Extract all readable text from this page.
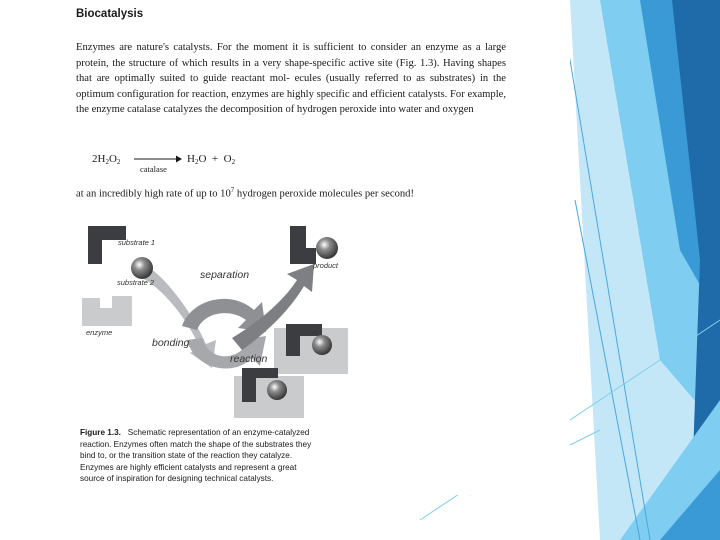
Biocatalysis
Enzymes are nature's catalysts. For the moment it is sufficient to consider an enzyme as a large protein, the structure of which results in a very shape-specific active site (Fig. 1.3). Having shapes that are optimally suited to guide reactant mol- ecules (usually referred to as substrates) in the optimum configuration for reaction, enzymes are highly specific and efficient catalysts. For example, the enzyme catalase catalyzes the decomposition of hydrogen peroxide into water and oxygen
$2H_2O_2$
catalase
$H_2O + O_2$
at an incredibly high rate of up to $10^7$ hydrogen peroxide molecules per second!
substrate 1
substrate 2
enzyme
product
separation
bonding
reaction
Figure 1.3. Schematic representation of an enzyme-catalyzed
reaction. Enzymes often match the shape of the substrates they
bind to, or the transition state of the reaction they catalyze.
Enzymes are highly efficient catalysts and represent a great
source of inspiration for designing technical catalysts.
